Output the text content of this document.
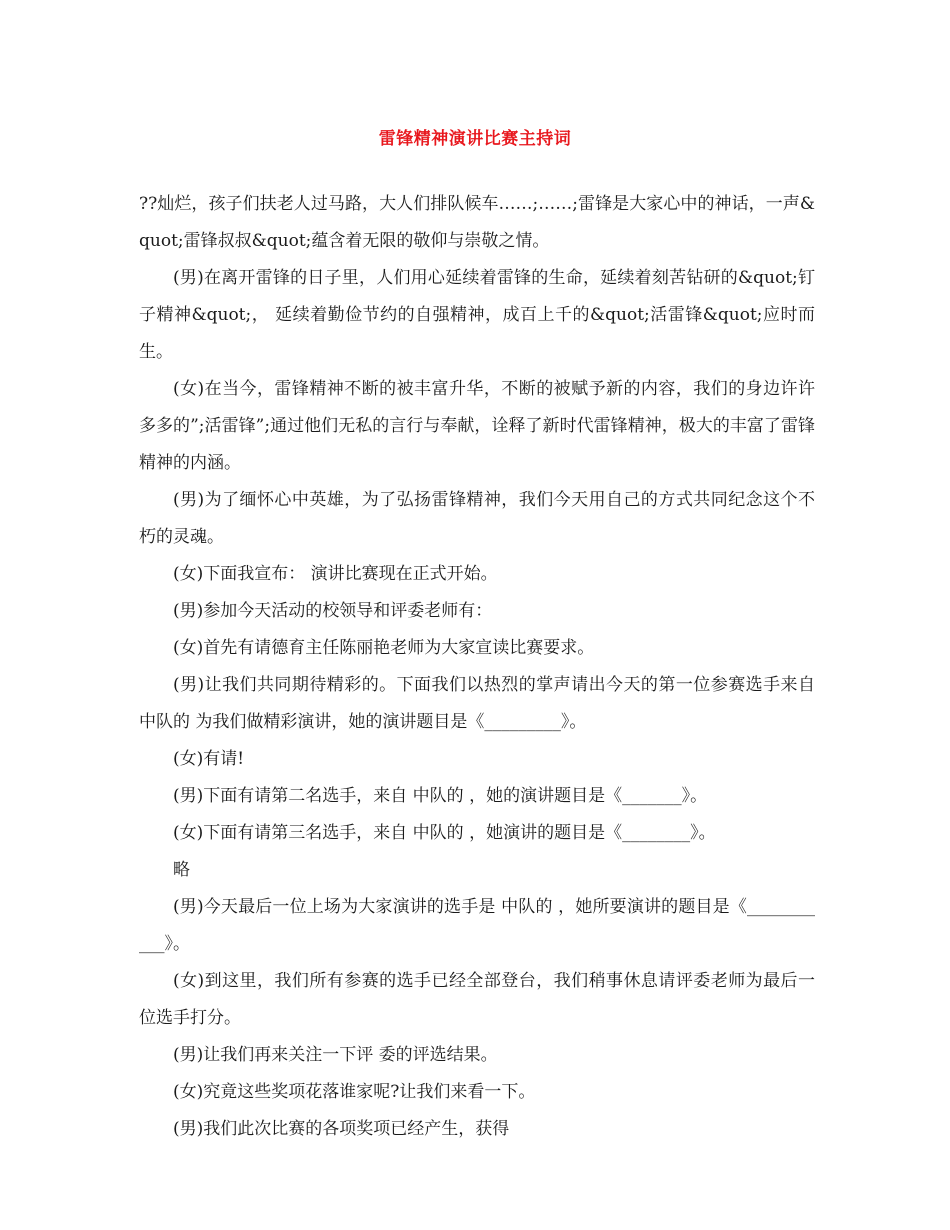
雷锋精神演讲比赛主持词

??灿烂，孩子们扶老人过马路，大人们排队候车……;……;雷锋是大家心中的神话，一声&quot;雷锋叔叔&quot;蕴含着无限的敬仰与崇敬之情。

(男)在离开雷锋的日子里，人们用心延续着雷锋的生命，延续着刻苦钻研的&quot;钉子精神&quot;， 延续着勤俭节约的自强精神，成百上千的&quot;活雷锋&quot;应时而生。

(女)在当今，雷锋精神不断的被丰富升华，不断的被赋予新的内容，我们的身边许许多多的”;活雷锋”;通过他们无私的言行与奉献，诠释了新时代雷锋精神，极大的丰富了雷锋精神的内涵。

(男)为了缅怀心中英雄，为了弘扬雷锋精神，我们今天用自己的方式共同纪念这个不朽的灵魂。

(女)下面我宣布： 演讲比赛现在正式开始。

(男)参加今天活动的校领导和评委老师有：

(女)首先有请德育主任陈丽艳老师为大家宣读比赛要求。

(男)让我们共同期待精彩的。下面我们以热烈的掌声请出今天的第一位参赛选手来自 中队的 为我们做精彩演讲，她的演讲题目是《_________》。

(女)有请!

(男)下面有请第二名选手，来自 中队的 ，她的演讲题目是《_______》。

(女)下面有请第三名选手，来自 中队的 ，她演讲的题目是《________》。

略

(男)今天最后一位上场为大家演讲的选手是 中队的 ，她所要演讲的题目是《___________》。

(女)到这里，我们所有参赛的选手已经全部登台，我们稍事休息请评委老师为最后一位选手打分。

(男)让我们再来关注一下评 委的评选结果。

(女)究竟这些奖项花落谁家呢?让我们来看一下。

(男)我们此次比赛的各项奖项已经产生，获得
